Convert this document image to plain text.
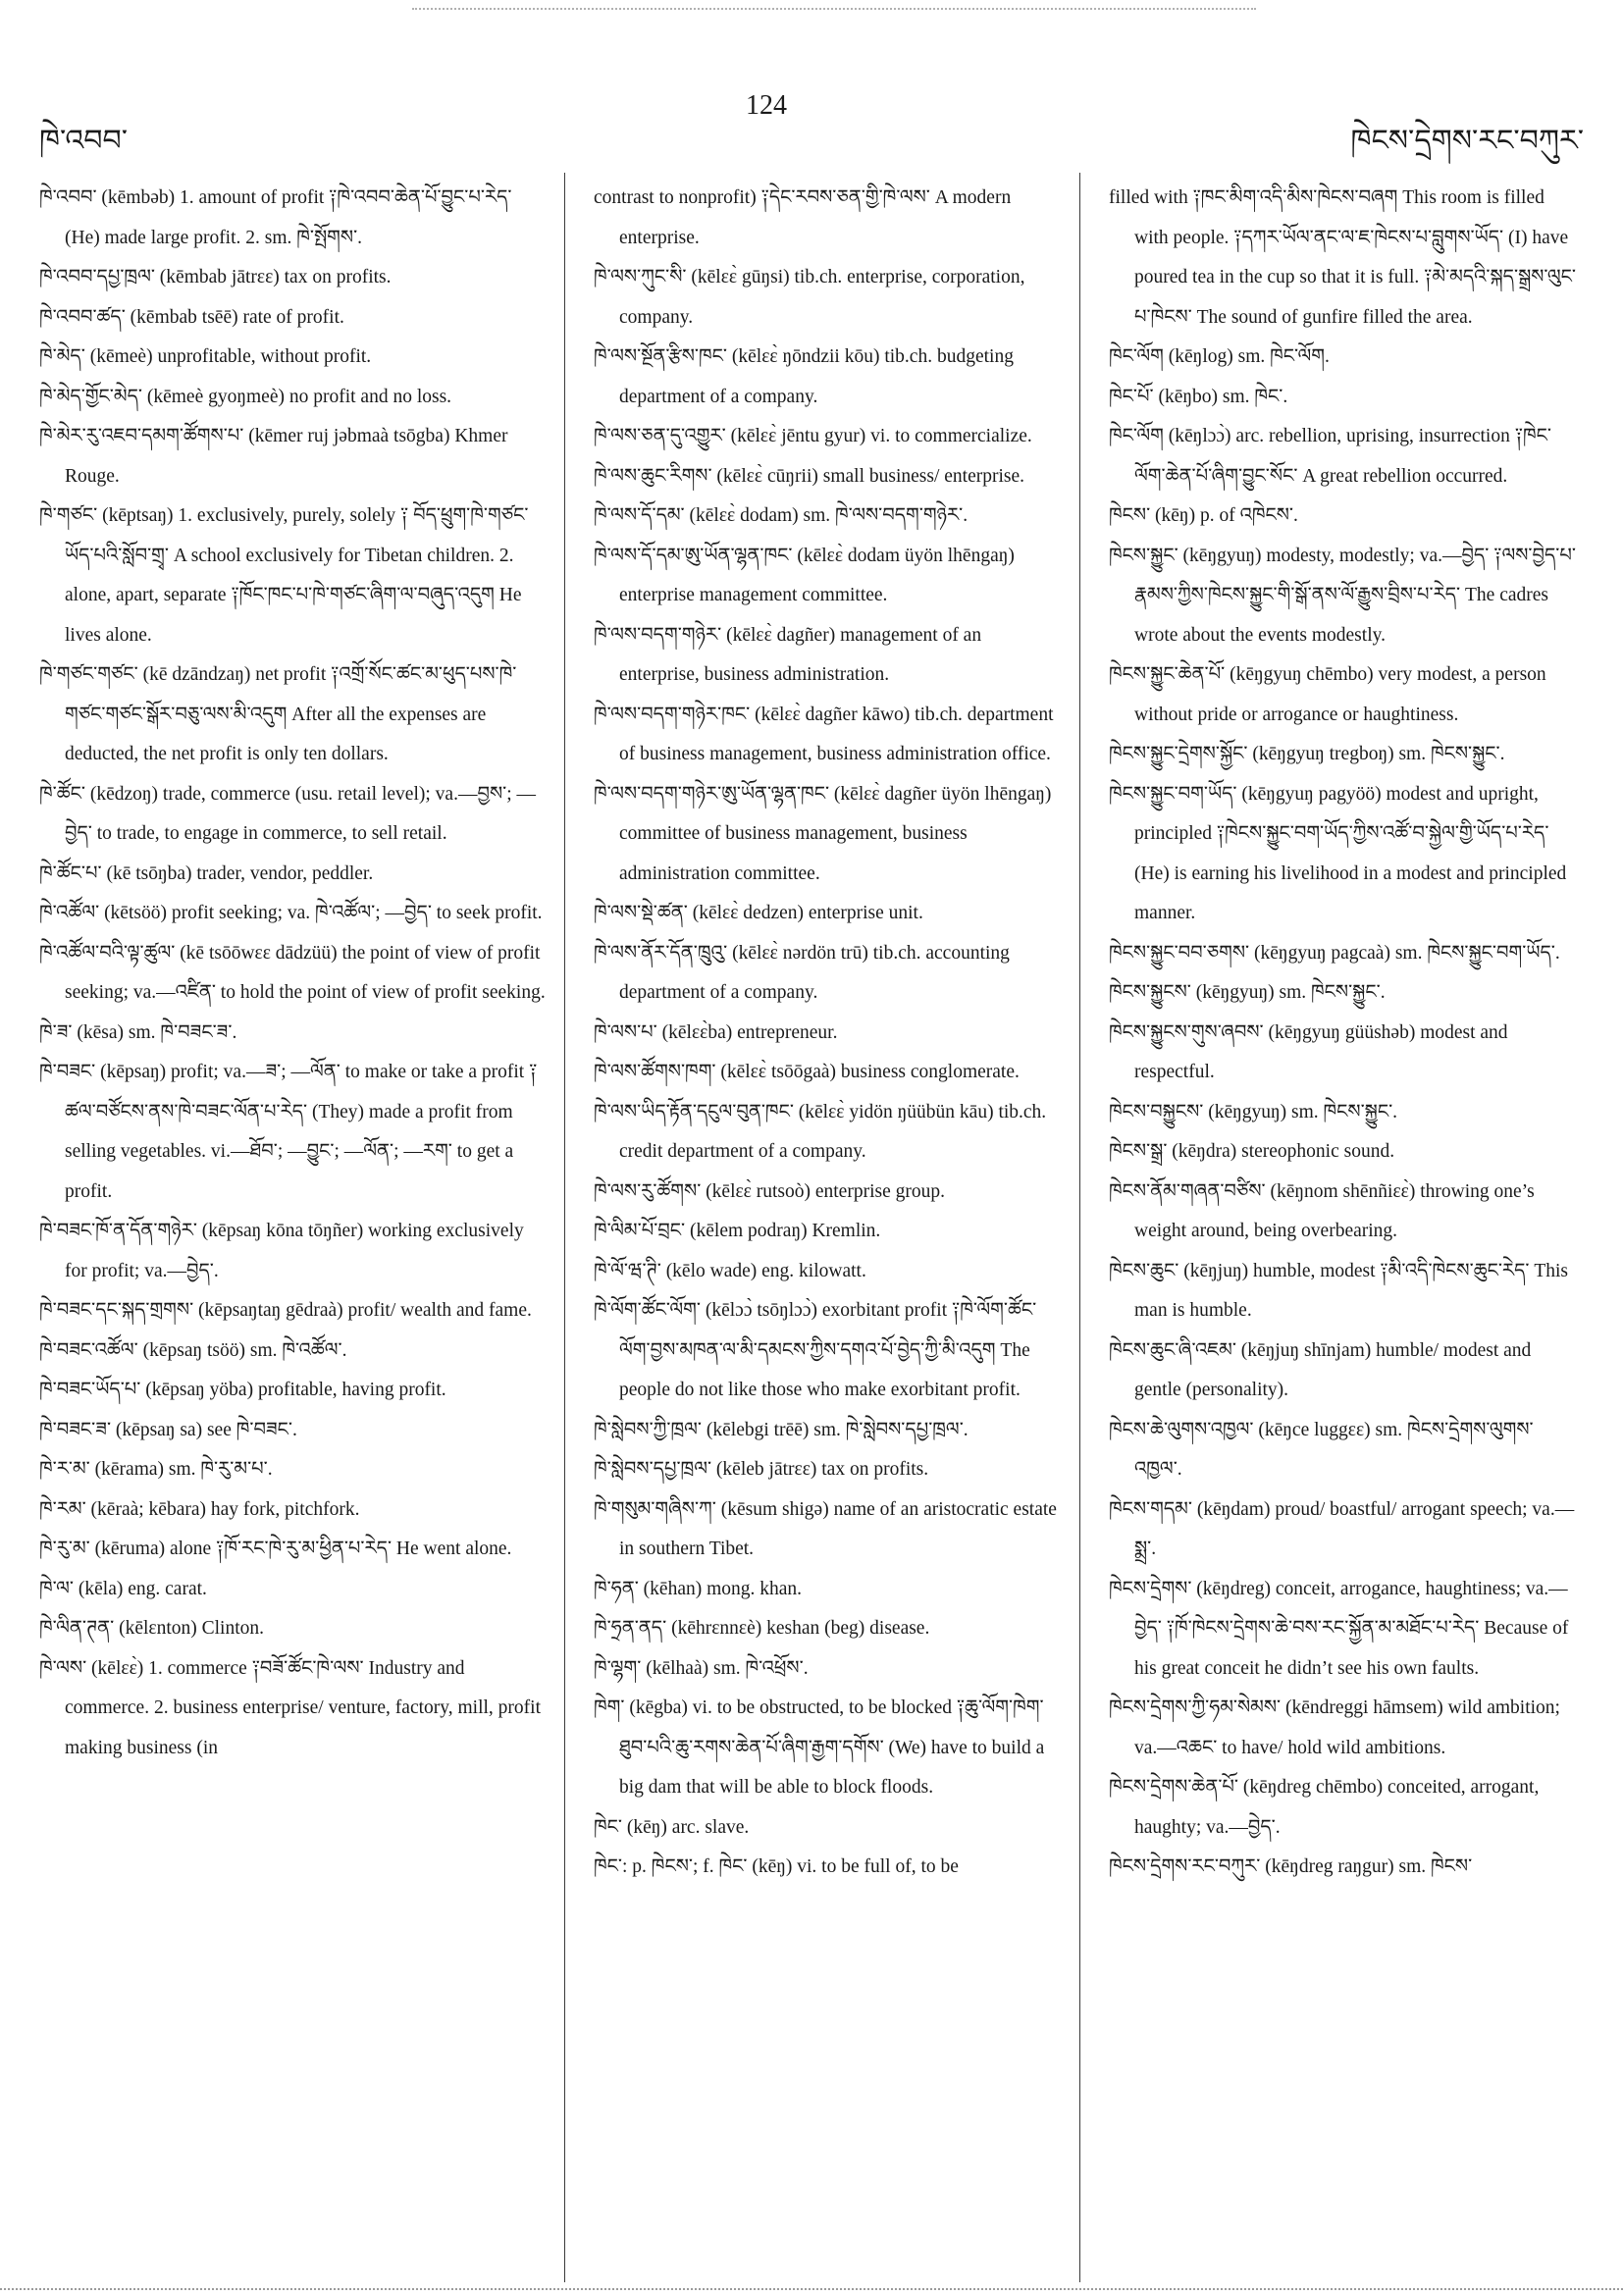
ཁེ་འབབ་
124
ཁེངས་དྲེགས་རང་བཀུར་

ཁེ་འབབ་ (kēmbəb) 1. amount of profit ༑ཁེ་འབབ་ཆེན་པོ་བྱུང་པ་རེད་ (He) made large profit. 2. sm. ཁེ་སྤོགས་.

ཁེ་འབབ་དཔྱ་ཁྲལ་ (kēmbab jātrɛɛ) tax on profits.

ཁེ་འབབ་ཚད་ (kēmbab tsēē) rate of profit.

ཁེ་མེད་ (kēmeè) unprofitable, without profit.

ཁེ་མེད་གྱོང་མེད་ (kēmeè gyoŋmeè) no profit and no loss.

ཁེ་མེར་རུ་འཇབ་དམག་ཚོགས་པ་ (kēmer ruj jəbmaà tsōgba) Khmer Rouge.

ཁེ་གཙང་ (kēptsaŋ) 1. exclusively, purely, solely ༑ བོད་ཕྲུག་ཁེ་གཙང་ཡོད་པའི་སློབ་གྲྭ་ A school exclusively for Tibetan children. 2. alone, apart, separate ༑ཁོང་ཁང་པ་ཁེ་གཙང་ཞིག་ལ་བཞུད་འདུག He lives alone.

ཁེ་གཙང་གཙང་ (kē dzāndzaŋ) net profit ༑འགྲོ་སོང་ཚང་མ་ཕུད་པས་ཁེ་གཙང་གཙང་སྒོར་བཅུ་ལས་མི་འདུག After all the expenses are deducted, the net profit is only ten dollars.

ཁེ་ཚོང་ (kēdzoŋ) trade, commerce (usu. retail level); va.—བྱས་; —བྱེད་ to trade, to engage in commerce, to sell retail.

ཁེ་ཚོང་པ་ (kē tsōŋba) trader, vendor, peddler.

ཁེ་འཚོལ་ (kētsöö) profit seeking; va. ཁེ་འཚོལ་; —བྱེད་ to seek profit.

ཁེ་འཚོལ་བའི་ལྟ་ཚུལ་ (kē tsōōwɛɛ dādzüü) the point of view of profit seeking; va.—འཛིན་ to hold the point of view of profit seeking.

ཁེ་ཟ་ (kēsa) sm. ཁེ་བཟང་ཟ་.

ཁེ་བཟང་ (kēpsaŋ) profit; va.—ཟ་; —ལོན་ to make or take a profit ༑ཚལ་བཙོངས་ནས་ཁེ་བཟང་ལོན་པ་རེད་ (They) made a profit from selling vegetables. vi.—ཐོབ་; —བྱུང་; —ལོན་; —རག་ to get a profit.

ཁེ་བཟང་ཁོ་ན་དོན་གཉེར་ (kēpsaŋ kōna tōŋñer) working exclusively for profit; va.—བྱེད་.

ཁེ་བཟང་དང་སྐད་གྲགས་ (kēpsaŋtaŋ gēdraà) profit/ wealth and fame.

ཁེ་བཟང་འཚོལ་ (kēpsaŋ tsöö) sm. ཁེ་འཚོལ་.

ཁེ་བཟང་ཡོད་པ་ (kēpsaŋ yöba) profitable, having profit.

ཁེ་བཟང་ཟ་ (kēpsaŋ sa) see ཁེ་བཟང་.

ཁེ་ར་མ་ (kērama) sm. ཁེ་རུ་མ་པ་.

ཁེ་རམ་ (kēraà; kēbara) hay fork, pitchfork.

ཁེ་རུ་མ་ (kēruma) alone ༑ཁོ་རང་ཁེ་རུ་མ་ཕྱིན་པ་རེད་ He went alone.

ཁེ་ལ་ (kēla) eng. carat.

ཁེ་ལིན་ཊན་ (kēlɛnton) Clinton.

ཁེ་ལས་ (kēlɛɛ̀) 1. commerce ༑བཟོ་ཚོང་ཁེ་ལས་ Industry and commerce. 2. business enterprise/ venture, factory, mill, profit making business (in

contrast to nonprofit) ༑དེང་རབས་ཅན་གྱི་ཁེ་ལས་ A modern enterprise.

ཁེ་ལས་ཀུང་སི་ (kēlɛɛ̀ gūŋsi) tib.ch. enterprise, corporation, company.

ཁེ་ལས་སྔོན་རྩིས་ཁང་ (kēlɛɛ̀ ŋōndzii kōu) tib.ch. budgeting department of a company.

ཁེ་ལས་ཅན་དུ་འགྱུར་ (kēlɛɛ̀ jēntu gyur) vi. to commercialize.

ཁེ་ལས་ཆུང་རིགས་ (kēlɛɛ̀ cūŋrii) small business/ enterprise.

ཁེ་ལས་དོ་དམ་ (kēlɛɛ̀ dodam) sm. ཁེ་ལས་བདག་གཉེར་.

ཁེ་ལས་དོ་དམ་ཨུ་ཡོན་ལྷན་ཁང་ (kēlɛɛ̀ dodam üyön lhēngaŋ) enterprise management committee.

ཁེ་ལས་བདག་གཉེར་ (kēlɛɛ̀ dagñer) management of an enterprise, business administration.

ཁེ་ལས་བདག་གཉེར་ཁང་ (kēlɛɛ̀ dagñer kāwo) tib.ch. department of business management, business administration office.

ཁེ་ལས་བདག་གཉེར་ཨུ་ཡོན་ལྷན་ཁང་ (kēlɛɛ̀ dagñer üyön lhēngaŋ) committee of business management, business administration committee.

ཁེ་ལས་སྡེ་ཚན་ (kēlɛɛ̀ dedzen) enterprise unit.

ཁེ་ལས་ནོར་དོན་ཁྲུའུ་ (kēlɛɛ̀ nərdön trū) tib.ch. accounting department of a company.

ཁེ་ལས་པ་ (kēlɛɛ̀ba) entrepreneur.

ཁེ་ལས་ཚོགས་ཁག་ (kēlɛɛ̀ tsōōgaà) business conglomerate.

ཁེ་ལས་ཡིད་རྟོན་དངུལ་བུན་ཁང་ (kēlɛɛ̀ yidön ŋüübün kāu) tib.ch. credit department of a company.

ཁེ་ལས་རུ་ཚོགས་ (kēlɛɛ̀ rutsoò) enterprise group.

ཁེ་ལིམ་པོ་བྲང་ (kēlem podraŋ) Kremlin.

ཁེ་ལོ་ཝ་ཊི་ (kēlo wade) eng. kilowatt.

ཁེ་ལོག་ཚོང་ལོག་ (kēlɔɔ̀ tsōŋlɔɔ̀) exorbitant profit ༑ཁེ་ལོག་ཚོང་ལོག་བྱས་མཁན་ལ་མི་དམངས་ཀྱིས་དགའ་པོ་བྱེད་ཀྱི་མི་འདུག The people do not like those who make exorbitant profit.

ཁེ་སླེབས་ཀྱི་ཁྲལ་ (kēlebgi trēē) sm. ཁེ་སླེབས་དཔྱ་ཁྲལ་.

ཁེ་སླེབས་དཔྱ་ཁྲལ་ (kēleb jātrɛɛ) tax on profits.

ཁེ་གསུམ་གཞིས་ཀ་ (kēsum shigə) name of an aristocratic estate in southern Tibet.

ཁེ་ཧན་ (kēhan) mong. khan.

ཁེ་ཧྲན་ནད་ (kēhrɛnnɛè) keshan (beg) disease.

ཁེ་ལྷག་ (kēlhaà) sm. ཁེ་འཕྲོས་.

ཁེག་ (kēgba) vi. to be obstructed, to be blocked ༑ཆུ་ལོག་ཁེག་ཐུབ་པའི་ཆུ་རགས་ཆེན་པོ་ཞིག་རྒྱག་དགོས་ (We) have to build a big dam that will be able to block floods.

ཁེང་ (kēŋ) arc. slave.

ཁེང་: p. ཁེངས་; f. ཁེང་ (kēŋ) vi. to be full of, to be

filled with ༑ཁང་མིག་འདི་མིས་ཁེངས་བཞག This room is filled with people. ༑དཀར་ཡོལ་ནང་ལ་ཇ་ཁེངས་པ་བླུགས་ཡོད་ (I) have poured tea in the cup so that it is full. ༑མེ་མདའི་སྐད་སྒྲས་ལུང་པ་ཁེངས་ The sound of gunfire filled the area.

ཁེང་ལོག (kēŋlog) sm. ཁེང་ལོག.

ཁེང་པོ་ (kēŋbo) sm. ཁེང་.

ཁེང་ལོག (kēŋlɔɔ̀) arc. rebellion, uprising, insurrection ༑ཁེང་ལོག་ཆེན་པོ་ཞིག་བྱུང་སོང་ A great rebellion occurred.

ཁེངས་ (kēŋ) p. of འཁེངས་.

ཁེངས་སྐྱུང་ (kēŋgyuŋ) modesty, modestly; va.—བྱེད་ ༑ལས་བྱེད་པ་རྣམས་ཀྱིས་ཁེངས་སྐྱུང་གི་སྒོ་ནས་ལོ་རྒྱུས་བྲིས་པ་རེད་ The cadres wrote about the events modestly.

ཁེངས་སྐྱུང་ཆེན་པོ་ (kēŋgyuŋ chēmbo) very modest, a person without pride or arrogance or haughtiness.

ཁེངས་སྐྱུང་དྲེགས་སྐྱོང་ (kēŋgyuŋ tregboŋ) sm. ཁེངས་སྐྱུང་.

ཁེངས་སྐྱུང་བག་ཡོད་ (kēŋgyuŋ pagyöö) modest and upright, principled ༑ཁེངས་སྐྱུང་བག་ཡོད་ཀྱིས་འཚོ་བ་སྐྱེལ་གྱི་ཡོད་པ་རེད་ (He) is earning his livelihood in a modest and principled manner.

ཁེངས་སྐྱུང་བབ་ཅགས་ (kēŋgyuŋ pagcaà) sm. ཁེངས་སྐྱུང་བག་ཡོད་.

ཁེངས་སྐྱུངས་ (kēŋgyuŋ) sm. ཁེངས་སྐྱུང་.

ཁེངས་སྐྱུངས་གུས་ཞབས་ (kēŋgyuŋ güüshəb) modest and respectful.

ཁེངས་བསྐྱུངས་ (kēŋgyuŋ) sm. ཁེངས་སྐྱུང་.

ཁེངས་སྒྲ་ (kēŋdra) stereophonic sound.

ཁེངས་ནོམ་གཞན་བཙིས་ (kēŋnom shēnñiɛɛ̀) throwing one’s weight around, being overbearing.

ཁེངས་ཆུང་ (kēŋjuŋ) humble, modest ༑མི་འདི་ཁེངས་ཆུང་རེད་ This man is humble.

ཁེངས་ཆུང་ཞི་འཇམ་ (kēŋjuŋ shīnjam) humble/ modest and gentle (personality).

ཁེངས་ཆེ་ལུགས་འཁྱལ་ (kēŋce luggɛɛ) sm. ཁེངས་དྲེགས་ལུགས་འཁྱལ་.

ཁེངས་གདམ་ (kēŋdam) proud/ boastful/ arrogant speech; va.—སྨྲ་.

ཁེངས་དྲེགས་ (kēŋdreg) conceit, arrogance, haughtiness; va.—བྱེད་ ༑ཁོ་ཁེངས་དྲེགས་ཆེ་བས་རང་སྐྱོན་མ་མཐོང་པ་རེད་ Because of his great conceit he didn’t see his own faults.

ཁེངས་དྲེགས་ཀྱི་ཧམ་སེམས་ (kēndreggi hāmsem) wild ambition; va.—འཆང་ to have/ hold wild ambitions.

ཁེངས་དྲེགས་ཆེན་པོ་ (kēŋdreg chēmbo) conceited, arrogant, haughty; va.—བྱེད་.

ཁེངས་དྲེགས་རང་བཀུར་ (kēŋdreg raŋgur) sm. ཁེངས་
